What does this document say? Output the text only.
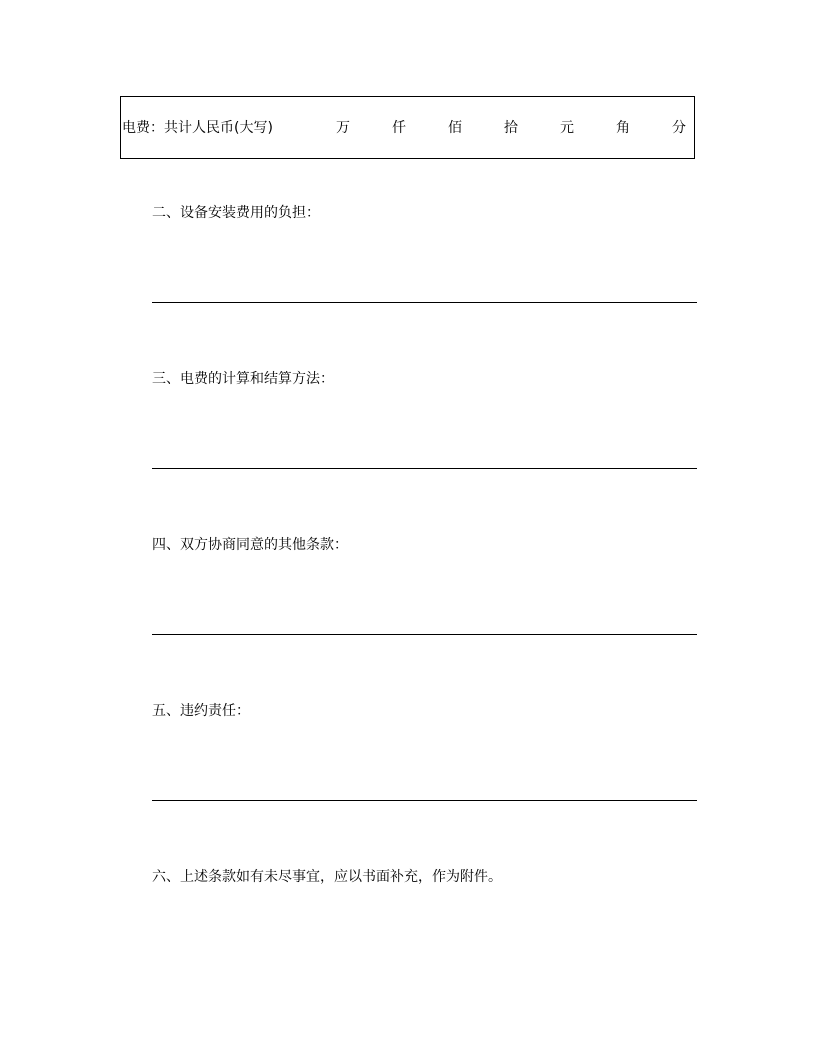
电费：共计人民币(大写)	万	仟	佰	拾	元	角	分
二、设备安装费用的负担：
三、电费的计算和结算方法：
四、双方协商同意的其他条款：
五、违约责任：
六、上述条款如有未尽事宜，应以书面补充，作为附件。
